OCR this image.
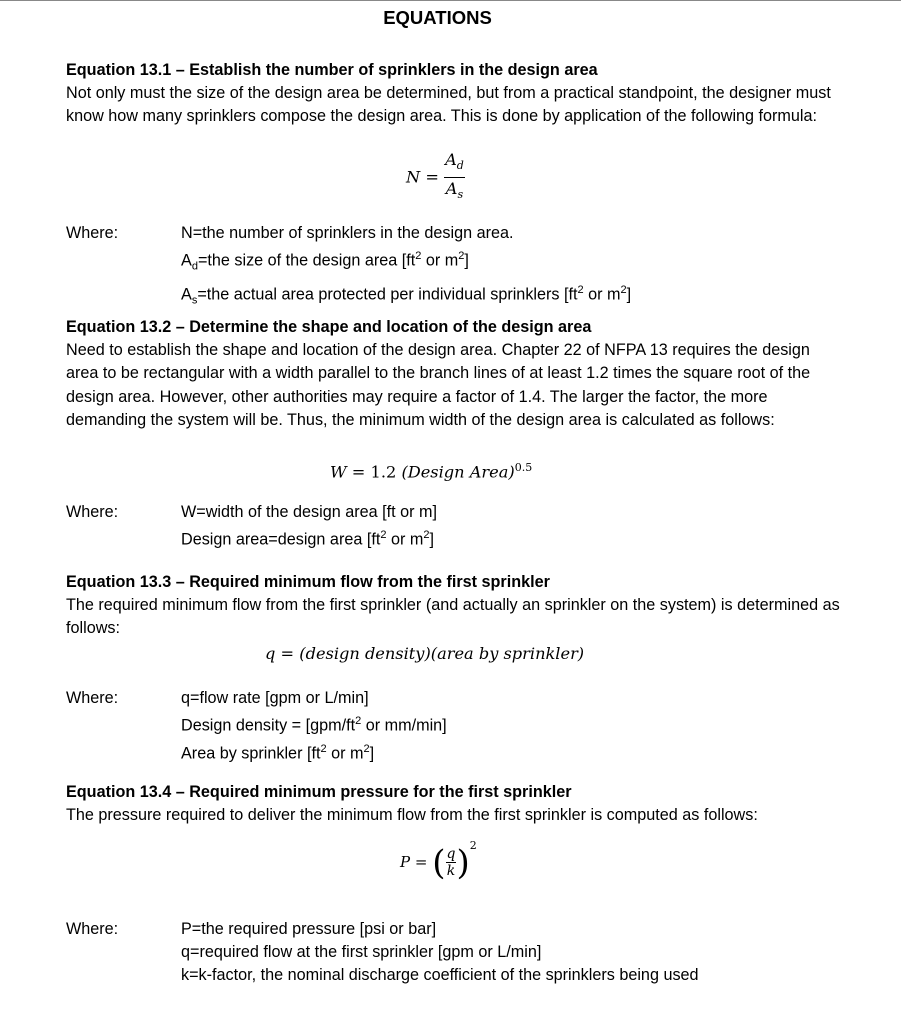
EQUATIONS
Equation 13.1 – Establish the number of sprinklers in the design area

Not only must the size of the design area be determined, but from a practical standpoint, the designer must know how many sprinklers compose the design area. This is done by application of the following formula:

$N = \frac{A_d}{A_s}$
Where:	N=the number of sprinklers in the design area.
$A_d=the$ size of the design area [$ft^2$ or $m^2$]
$A_s=the$ actual area protected per individual sprinklers [$ft^2$ or $m^2$]
Equation 13.2 – Determine the shape and location of the design area

Need to establish the shape and location of the design area. Chapter 22 of NFPA 13 requires the design area to be rectangular with a width parallel to the branch lines of at least 1.2 times the square root of the design area. However, other authorities may require a factor of 1.4. The larger the factor, the more demanding the system will be. Thus, the minimum width of the design area is calculated as follows:

W = 1.2 (Design Area)$^{0.5}$
Where:	W=width of the design area [ft or m]
Design area=design area [$ft^2$ or $m^2$]
Equation 13.3 – Required minimum flow from the first sprinkler

The required minimum flow from the first sprinkler (and actually an sprinkler on the system) is determined as follows:

q = (design density)(area by sprinkler)
Where:	q=flow rate [gpm or L/min]
Design density = [$gpm/ft^2$ or mm/min]
Area by sprinkler [$ft^2$ or $m^2$]
Equation 13.4 – Required minimum pressure for the first sprinkler

The pressure required to deliver the minimum flow from the first sprinkler is computed as follows:

P = ( $\frac{q}{k} )^2$
Where:	P=the required pressure [psi or bar]
q=required flow at the first sprinkler [gpm or L/min]
k=k-factor, the nominal discharge coefficient of the sprinklers being used
